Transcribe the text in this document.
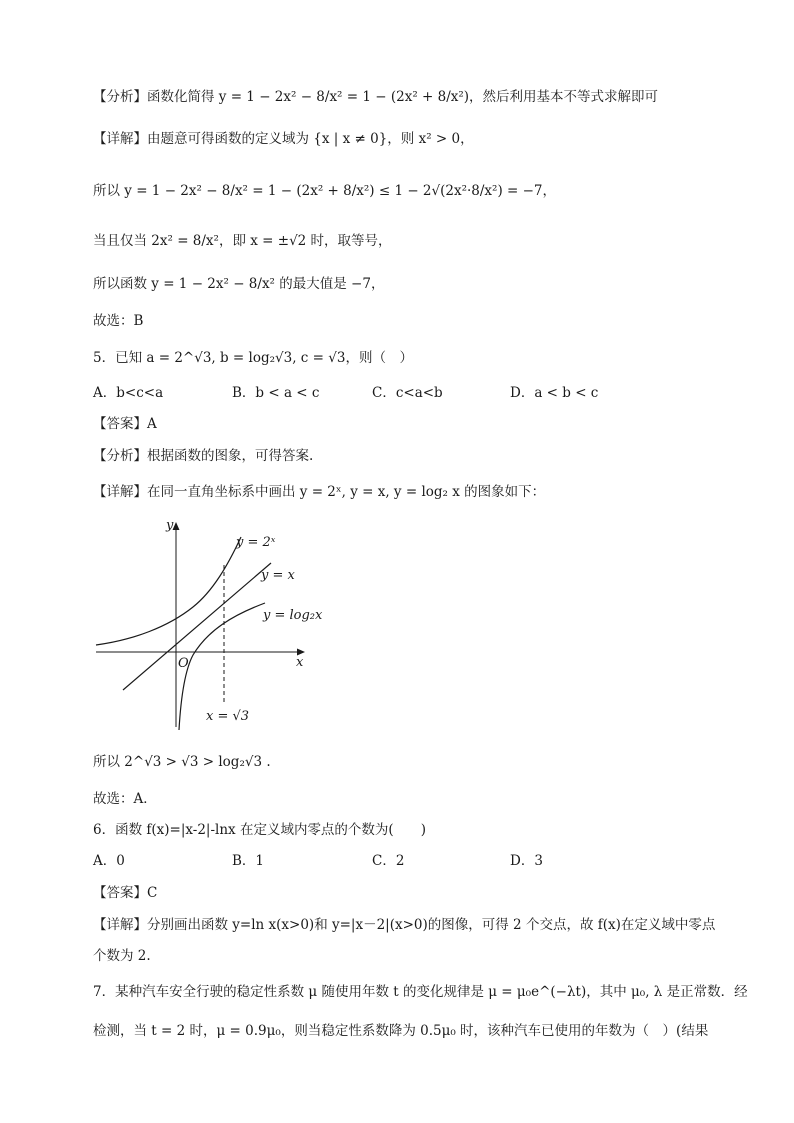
【分析】函数化简得 y = 1 − 2x² − 8/x² = 1 − (2x² + 8/x²)，然后利用基本不等式求解即可
【详解】由题意可得函数的定义域为 {x | x ≠ 0}，则 x² > 0，
所以 y = 1 − 2x² − 8/x² = 1 − (2x² + 8/x²) ≤ 1 − 2√(2x²·8/x²) = −7，
当且仅当 2x² = 8/x²，即 x = ±√2 时，取等号，
所以函数 y = 1 − 2x² − 8/x² 的最大值是 −7，
故选：B
5．已知 a = 2^√3, b = log₂√3, c = √3，则（　）
A．b<c<a	B．b < a < c	C．c<a<b	D．a < b < c
【答案】A
【分析】根据函数的图象，可得答案.
【详解】在同一直角坐标系中画出 y = 2ˣ, y = x, y = log₂ x 的图象如下：
y
x
O
y = 2ˣ
y = x
y = log₂x
x = √3
所以 2^√3 > √3 > log₂√3 .
故选：A．
6．函数 f(x)=|x-2|-lnx 在定义域内零点的个数为(　　)
A．0	B．1	C．2	D．3
【答案】C
【详解】分别画出函数 y=ln x(x>0)和 y=|x－2|(x>0)的图像，可得 2 个交点，故 f(x)在定义域中零点
个数为 2.
7．某种汽车安全行驶的稳定性系数 μ 随使用年数 t 的变化规律是 μ = μ₀e^(−λt)，其中 μ₀, λ 是正常数．经
检测，当 t = 2 时，μ = 0.9μ₀，则当稳定性系数降为 0.5μ₀ 时，该种汽车已使用的年数为（　）(结果
